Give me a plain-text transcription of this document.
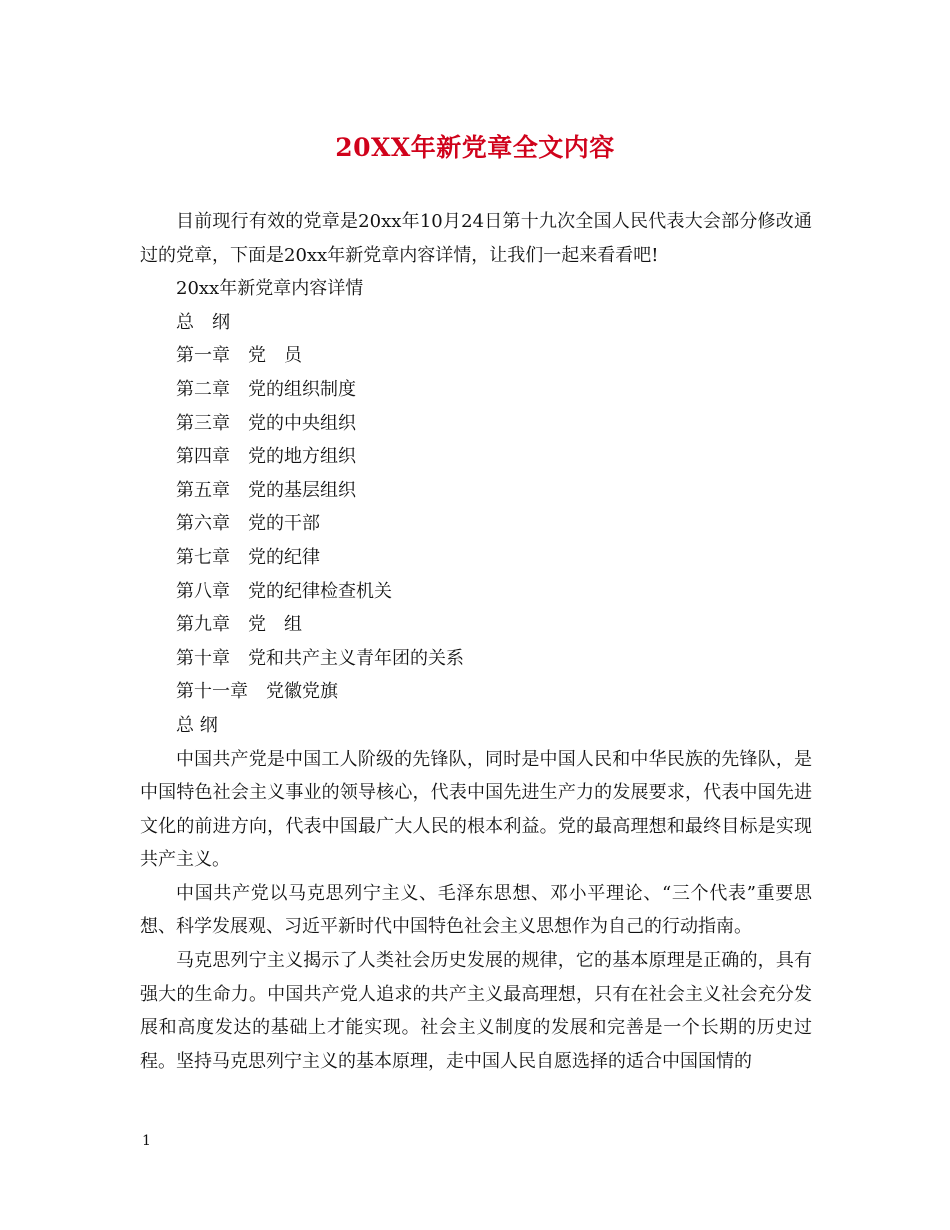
20XX年新党章全文内容

目前现行有效的党章是20xx年10月24日第十九次全国人民代表大会部分修改通过的党章，下面是20xx年新党章内容详情，让我们一起来看看吧!

20xx年新党章内容详情

总　纲

第一章　党　员

第二章　党的组织制度

第三章　党的中央组织

第四章　党的地方组织

第五章　党的基层组织

第六章　党的干部

第七章　党的纪律

第八章　党的纪律检查机关

第九章　党　组

第十章　党和共产主义青年团的关系

第十一章　党徽党旗

总 纲

中国共产党是中国工人阶级的先锋队，同时是中国人民和中华民族的先锋队，是中国特色社会主义事业的领导核心，代表中国先进生产力的发展要求，代表中国先进文化的前进方向，代表中国最广大人民的根本利益。党的最高理想和最终目标是实现共产主义。

中国共产党以马克思列宁主义、毛泽东思想、邓小平理论、“三个代表”重要思想、科学发展观、习近平新时代中国特色社会主义思想作为自己的行动指南。

马克思列宁主义揭示了人类社会历史发展的规律，它的基本原理是正确的，具有强大的生命力。中国共产党人追求的共产主义最高理想，只有在社会主义社会充分发展和高度发达的基础上才能实现。社会主义制度的发展和完善是一个长期的历史过程。坚持马克思列宁主义的基本原理，走中国人民自愿选择的适合中国国情的

1
